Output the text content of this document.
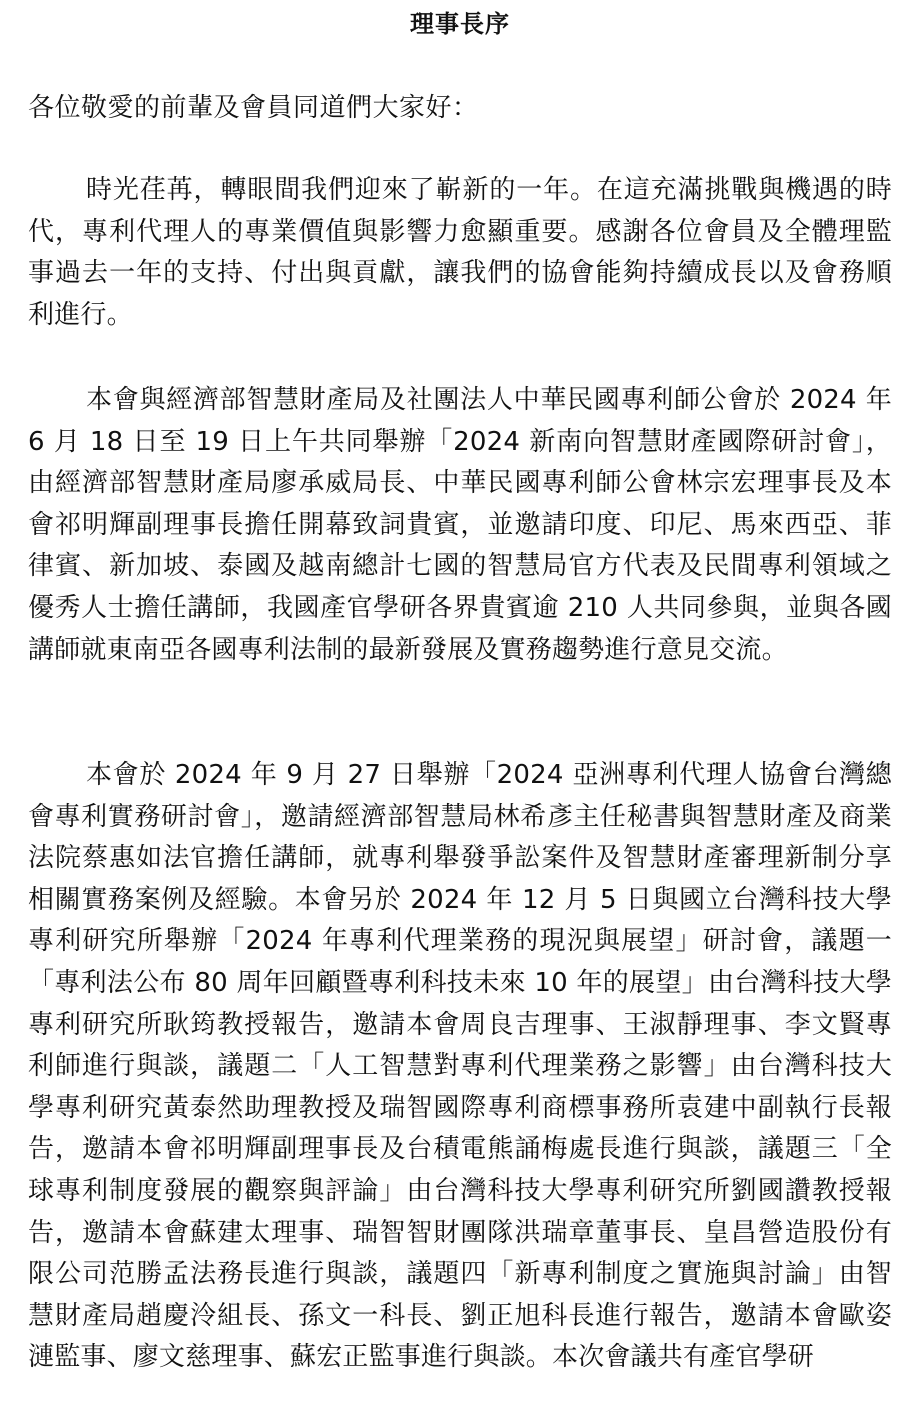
理事長序

各位敬愛的前輩及會員同道們大家好：

時光荏苒，轉眼間我們迎來了嶄新的一年。在這充滿挑戰與機遇的時代，專利代理人的專業價值與影響力愈顯重要。感謝各位會員及全體理監事過去一年的支持、付出與貢獻，讓我們的協會能夠持續成長以及會務順利進行。

本會與經濟部智慧財產局及社團法人中華民國專利師公會於 2024 年 6 月 18 日至 19 日上午共同舉辦「2024 新南向智慧財產國際研討會」，由經濟部智慧財產局廖承威局長、中華民國專利師公會林宗宏理事長及本會祁明輝副理事長擔任開幕致詞貴賓，並邀請印度、印尼、馬來西亞、菲律賓、新加坡、泰國及越南總計七國的智慧局官方代表及民間專利領域之優秀人士擔任講師，我國產官學研各界貴賓逾 210 人共同參與，並與各國講師就東南亞各國專利法制的最新發展及實務趨勢進行意見交流。

本會於 2024 年 9 月 27 日舉辦「2024 亞洲專利代理人協會台灣總會專利實務研討會」，邀請經濟部智慧局林希彥主任秘書與智慧財產及商業法院蔡惠如法官擔任講師，就專利舉發爭訟案件及智慧財產審理新制分享相關實務案例及經驗。本會另於 2024 年 12 月 5 日與國立台灣科技大學專利研究所舉辦「2024 年專利代理業務的現況與展望」研討會，議題一「專利法公布 80 周年回顧暨專利科技未來 10 年的展望」由台灣科技大學專利研究所耿筠教授報告，邀請本會周良吉理事、王淑靜理事、李文賢專利師進行與談，議題二「人工智慧對專利代理業務之影響」由台灣科技大學專利研究黃泰然助理教授及瑞智國際專利商標事務所袁建中副執行長報告，邀請本會祁明輝副理事長及台積電熊誦梅處長進行與談，議題三「全球專利制度發展的觀察與評論」由台灣科技大學專利研究所劉國讚教授報告，邀請本會蘇建太理事、瑞智智財團隊洪瑞章董事長、皇昌營造股份有限公司范勝孟法務長進行與談，議題四「新專利制度之實施與討論」由智慧財產局趙慶泠組長、孫文一科長、劉正旭科長進行報告，邀請本會歐姿漣監事、廖文慈理事、蘇宏正監事進行與談。本次會議共有產官學研
